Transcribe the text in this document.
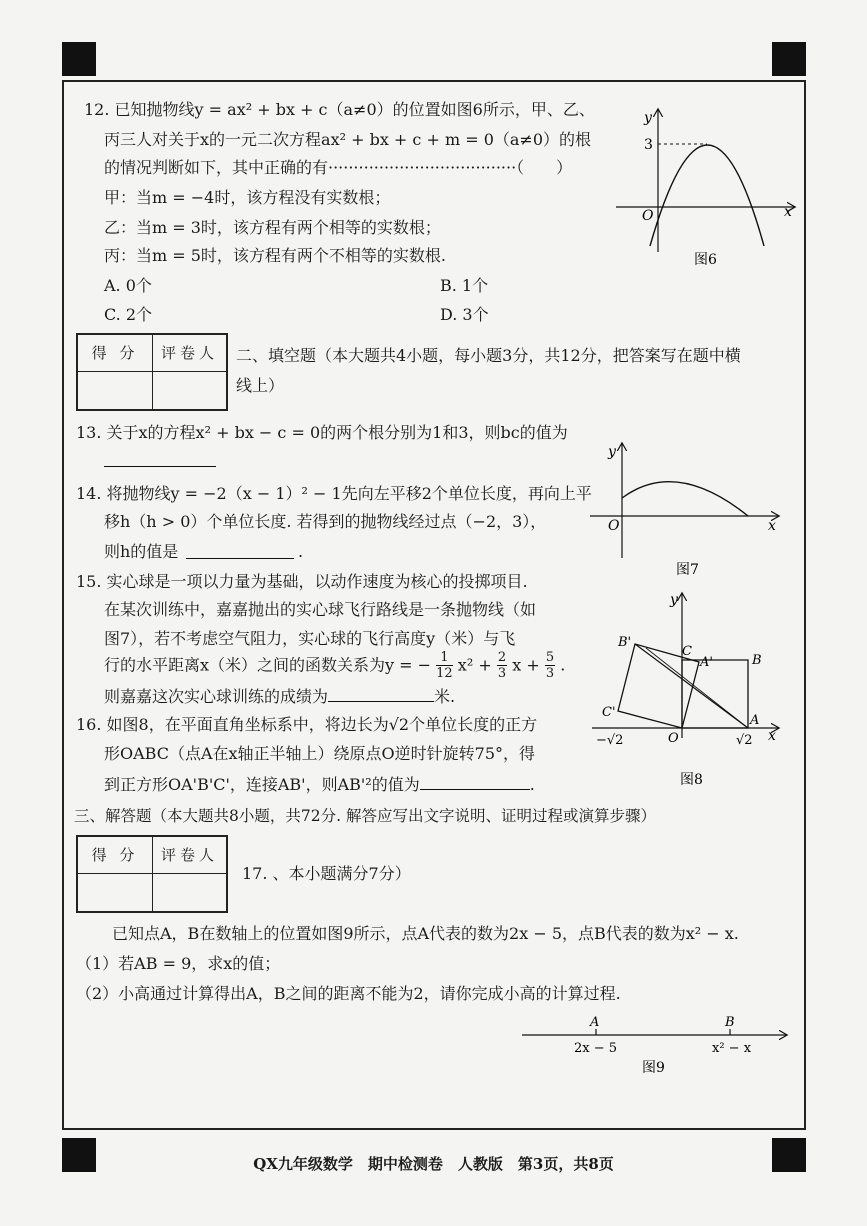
12. 已知抛物线y = ax² + bx + c（a≠0）的位置如图6所示，甲、乙、
丙三人对关于x的一元二次方程ax² + bx + c + m = 0（a≠0）的根
的情况判断如下，其中正确的有·····································（　　）
甲：当m = −4时，该方程没有实数根；
乙：当m = 3时，该方程有两个相等的实数根；
丙：当m = 5时，该方程有两个不相等的实数根.
A. 0个	B. 1个
C. 2个	D. 3个
y
3
O	x
图6
得 分	评卷人	二、填空题（本大题共4小题，每小题3分，共12分，把答案写在题中横
线上）
13. 关于x的方程x² + bx − c = 0的两个根分别为1和3，则bc的值为
14. 将抛物线y = −2（x − 1）² − 1先向左平移2个单位长度，再向上平
移h（h > 0）个单位长度. 若得到的抛物线经过点（−2，3），
则h的值是	.
y
O	x
图7
15. 实心球是一项以力量为基础，以动作速度为核心的投掷项目.
在某次训练中，嘉嘉抛出的实心球飞行路线是一条抛物线（如
图7），若不考虑空气阻力，实心球的飞行高度y（米）与飞
行的水平距离x（米）之间的函数关系为y = − $\frac{1}{12} x^2 + \frac{2}{3}$ $x + \frac{5}{3}$ .
则嘉嘉这次实心球训练的成绩为	米.
y
B'
C
A'	B
C'
A
O
−√2	√2 x
图8
16. 如图8，在平面直角坐标系中，将边长为√2个单位长度的正方
形OABC（点A在x轴正半轴上）绕原点O逆时针旋转75°，得
到正方形OA'B'C'，连接AB'，则AB'²的值为	.
三、解答题（本大题共8小题，共72分. 解答应写出文字说明、证明过程或演算步骤）
得 分	评卷人
17. 、本小题满分7分）
已知点A，B在数轴上的位置如图9所示，点A代表的数为2x − 5，点B代表的数为x² − x.
（1）若AB = 9，求x的值；
（2）小高通过计算得出A，B之间的距离不能为2，请你完成小高的计算过程.
A	B
2x − 5	x² − x
图9
QX九年级数学　期中检测卷　人教版　第3页，共8页
